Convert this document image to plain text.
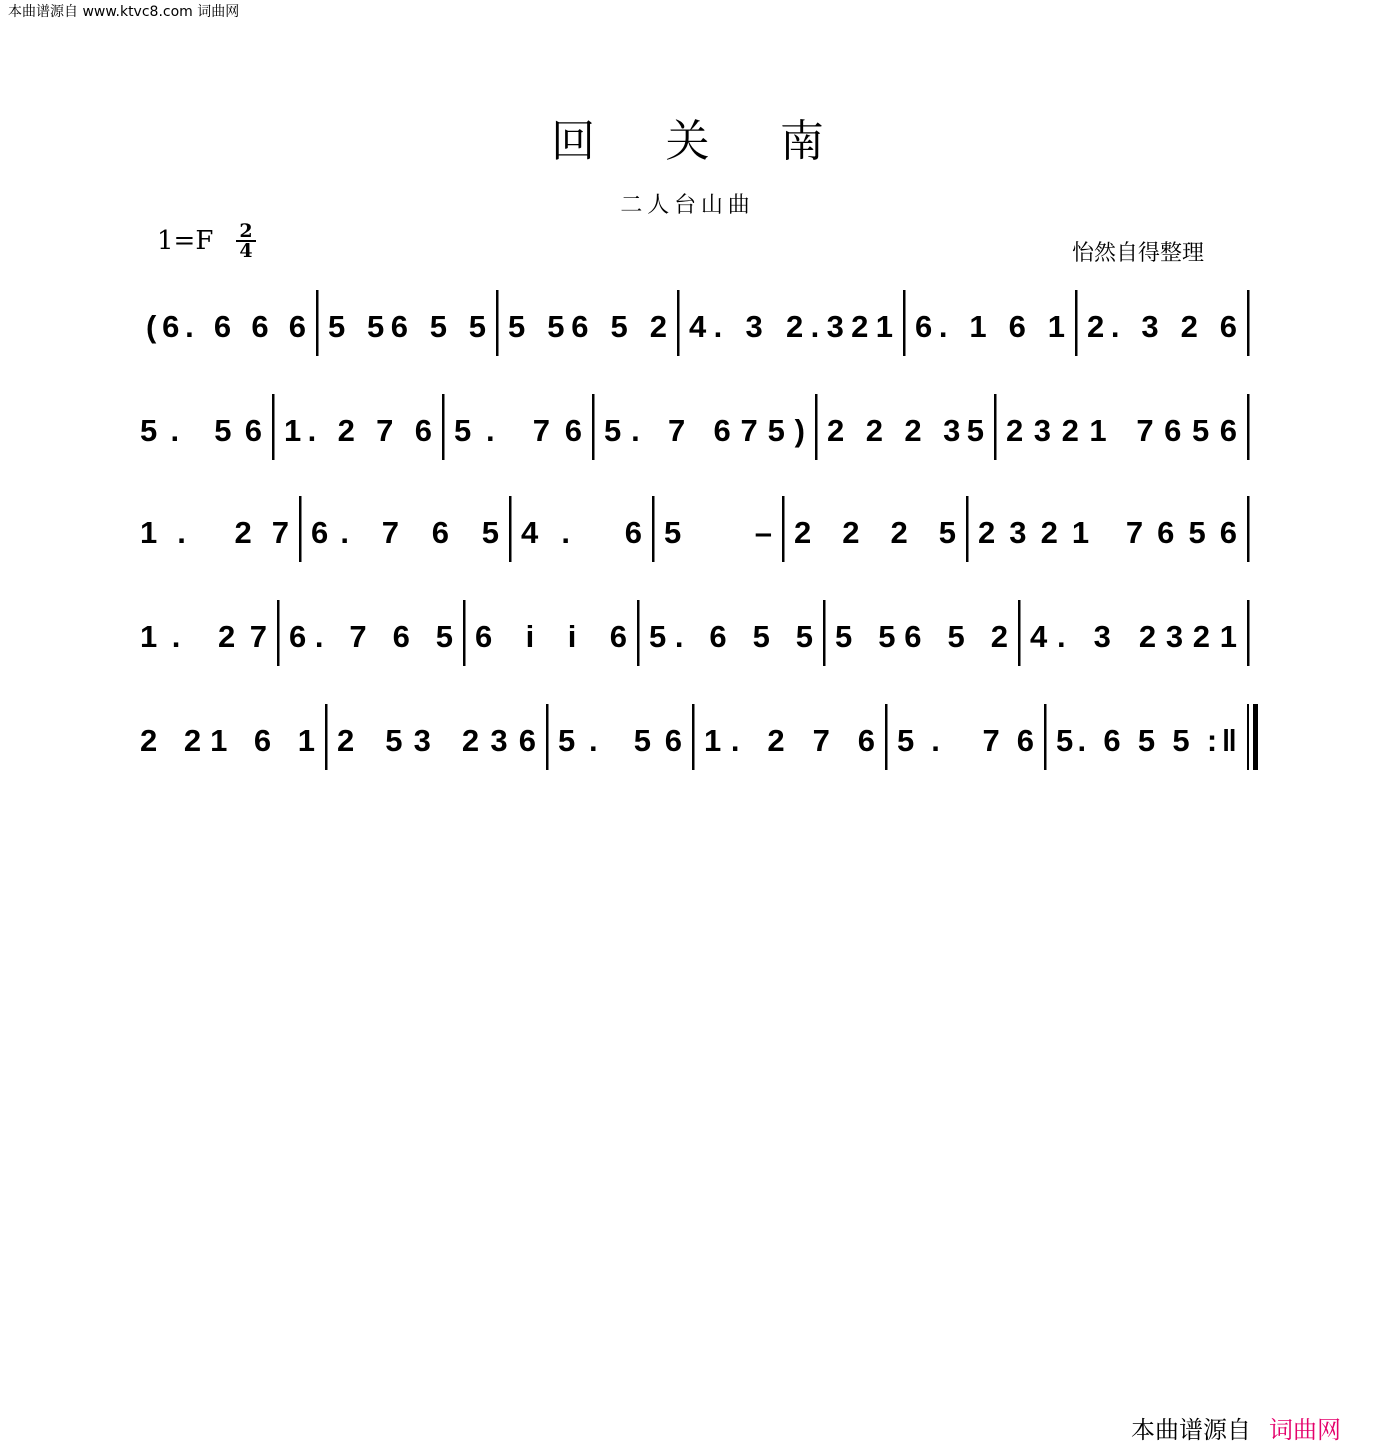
本曲谱源自 www.ktvc8.com 词曲网
回关南
二人台山曲
1=F 2
4	怡然自得整理
(6. 6 6 6 5 56 5 5 5 56 5 2 4. 3 2.321 6. 1 6 1 2. 3 2 6
5. 56 1. 2 7 6 5. 76 5. 7 675) 2 2 2 35 2321 7656
1. 27 6. 7 6 5 4. 6 5 – 2 2 2 5 2321 7656
1. 27 6. 7 6 5 6 i i 6 5. 6 5 5 5 56 5 2 4. 3 2321
2 21 6 1 2 53 236 5. 56 1. 2 7 6 5. 76 5. 6 5 5 :‖
本曲谱源自 词曲网
